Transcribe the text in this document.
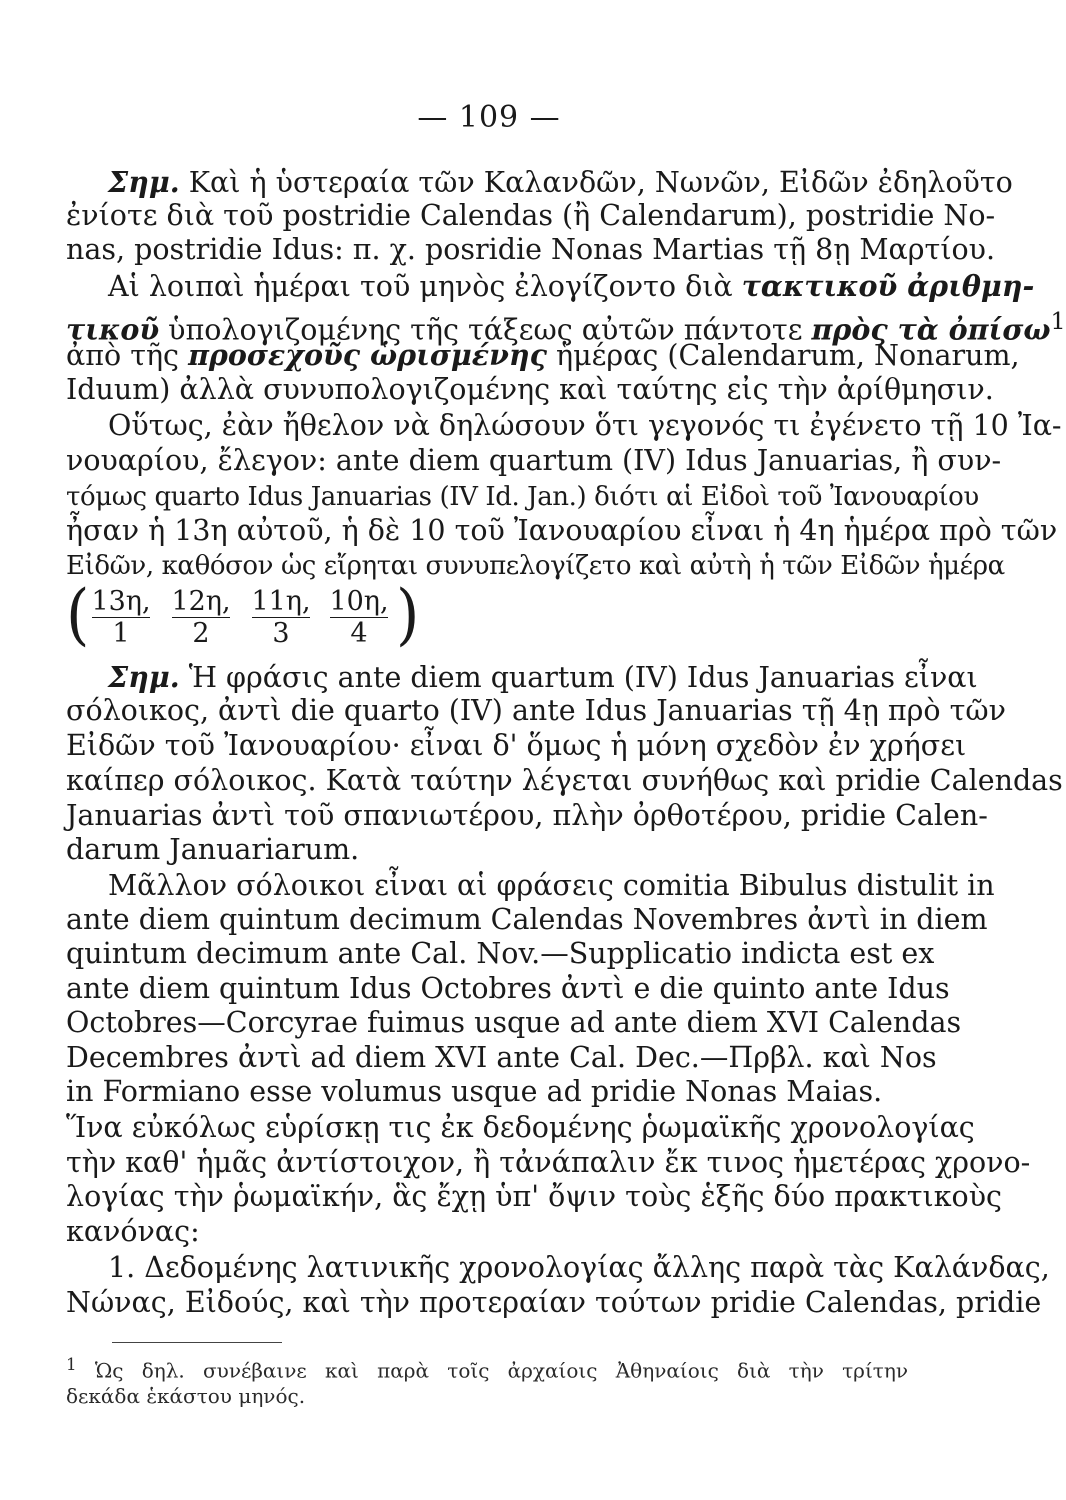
— 109 —
Σημ. Καὶ ἡ ὑστεραία τῶν Καλανδῶν, Νωνῶν, Εἰδῶν ἐδηλοῦτο
ἐνίοτε διὰ τοῦ postridie Calendas (ἢ Calendarum), postridie No-
nas, postridie Idus: π. χ. posridie Nonas Martias τῇ 8ῃ Μαρτίου.
Αἱ λοιπαὶ ἡμέραι τοῦ μηνὸς ἐλογίζοντο διὰ τακτικοῦ ἀριθμη-
τικοῦ ὑπολογιζομένης τῆς τάξεως αὐτῶν πάντοτε πρὸς τὰ ὀπίσω$^1$
ἀπὸ τῆς προσεχοῦς ὡρισμένης ἡμέρας (Calendarum, Nonarum,
Iduum) ἀλλὰ συνυπολογιζομένης καὶ ταύτης εἰς τὴν ἀρίθμησιν.
Οὕτως, ἐὰν ἤθελον νὰ δηλώσουν ὅτι γεγονός τι ἐγένετο τῇ 10 Ἰα-
νουαρίου, ἔλεγον: ante diem quartum (IV) Idus Januarias, ἢ συν-
τόμως quarto Idus Januarias (IV Id. Jan.) διότι αἱ Εἰδοὶ τοῦ Ἰανουαρίου
ἦσαν ἡ 13η αὐτοῦ, ἡ δὲ 10 τοῦ Ἰανουαρίου εἶναι ἡ 4η ἡμέρα πρὸ τῶν
Εἰδῶν, καθόσον ὡς εἴρηται συνυπελογίζετο καὶ αὐτὴ ἡ τῶν Εἰδῶν ἡμέρα
( 13η,
1
12η,
2
11η,
3
10η,
4 )
Σημ. Ἡ φράσις ante diem quartum (IV) Idus Januarias εἶναι
σόλοικος, ἀντὶ die quarto (IV) ante Idus Januarias τῇ 4ῃ πρὸ τῶν
Εἰδῶν τοῦ Ἰανουαρίου· εἶναι δ' ὅμως ἡ μόνη σχεδὸν ἐν χρήσει
καίπερ σόλοικος. Κατὰ ταύτην λέγεται συνήθως καὶ pridie Calendas
Januarias ἀντὶ τοῦ σπανιωτέρου, πλὴν ὀρθοτέρου, pridie Calen-
darum Januariarum.
Μᾶλλον σόλοικοι εἶναι αἱ φράσεις comitia Bibulus distulit in
ante diem quintum decimum Calendas Novembres ἀντὶ in diem
quintum decimum ante Cal. Nov.—Supplicatio indicta est ex
ante diem quintum Idus Octobres ἀντὶ e die quinto ante Idus
Octobres—Corcyrae fuimus usque ad ante diem XVI Calendas
Decembres ἀντὶ ad diem XVI ante Cal. Dec.—Πρβλ. καὶ Nos
in Formiano esse volumus usque ad pridie Nonas Maias.
Ἵνα εὐκόλως εὑρίσκῃ τις ἐκ δεδομένης ῥωμαϊκῆς χρονολογίας
τὴν καθ' ἡμᾶς ἀντίστοιχον, ἢ τἀνάπαλιν ἔκ τινος ἡμετέρας χρονο-
λογίας τὴν ῥωμαϊκήν, ἃς ἔχῃ ὑπ' ὄψιν τοὺς ἑξῆς δύο πρακτικοὺς
κανόνας:
1. Δεδομένης λατινικῆς χρονολογίας ἄλλης παρὰ τὰς Καλάνδας,
Νώνας, Εἰδούς, καὶ τὴν προτεραίαν τούτων pridie Calendas, pridie
$^1$ Ὡς δηλ. συνέβαινε καὶ παρὰ τοῖς ἀρχαίοις Ἀθηναίοις διὰ τὴν τρίτην
δεκάδα ἑκάστου μηνός.
